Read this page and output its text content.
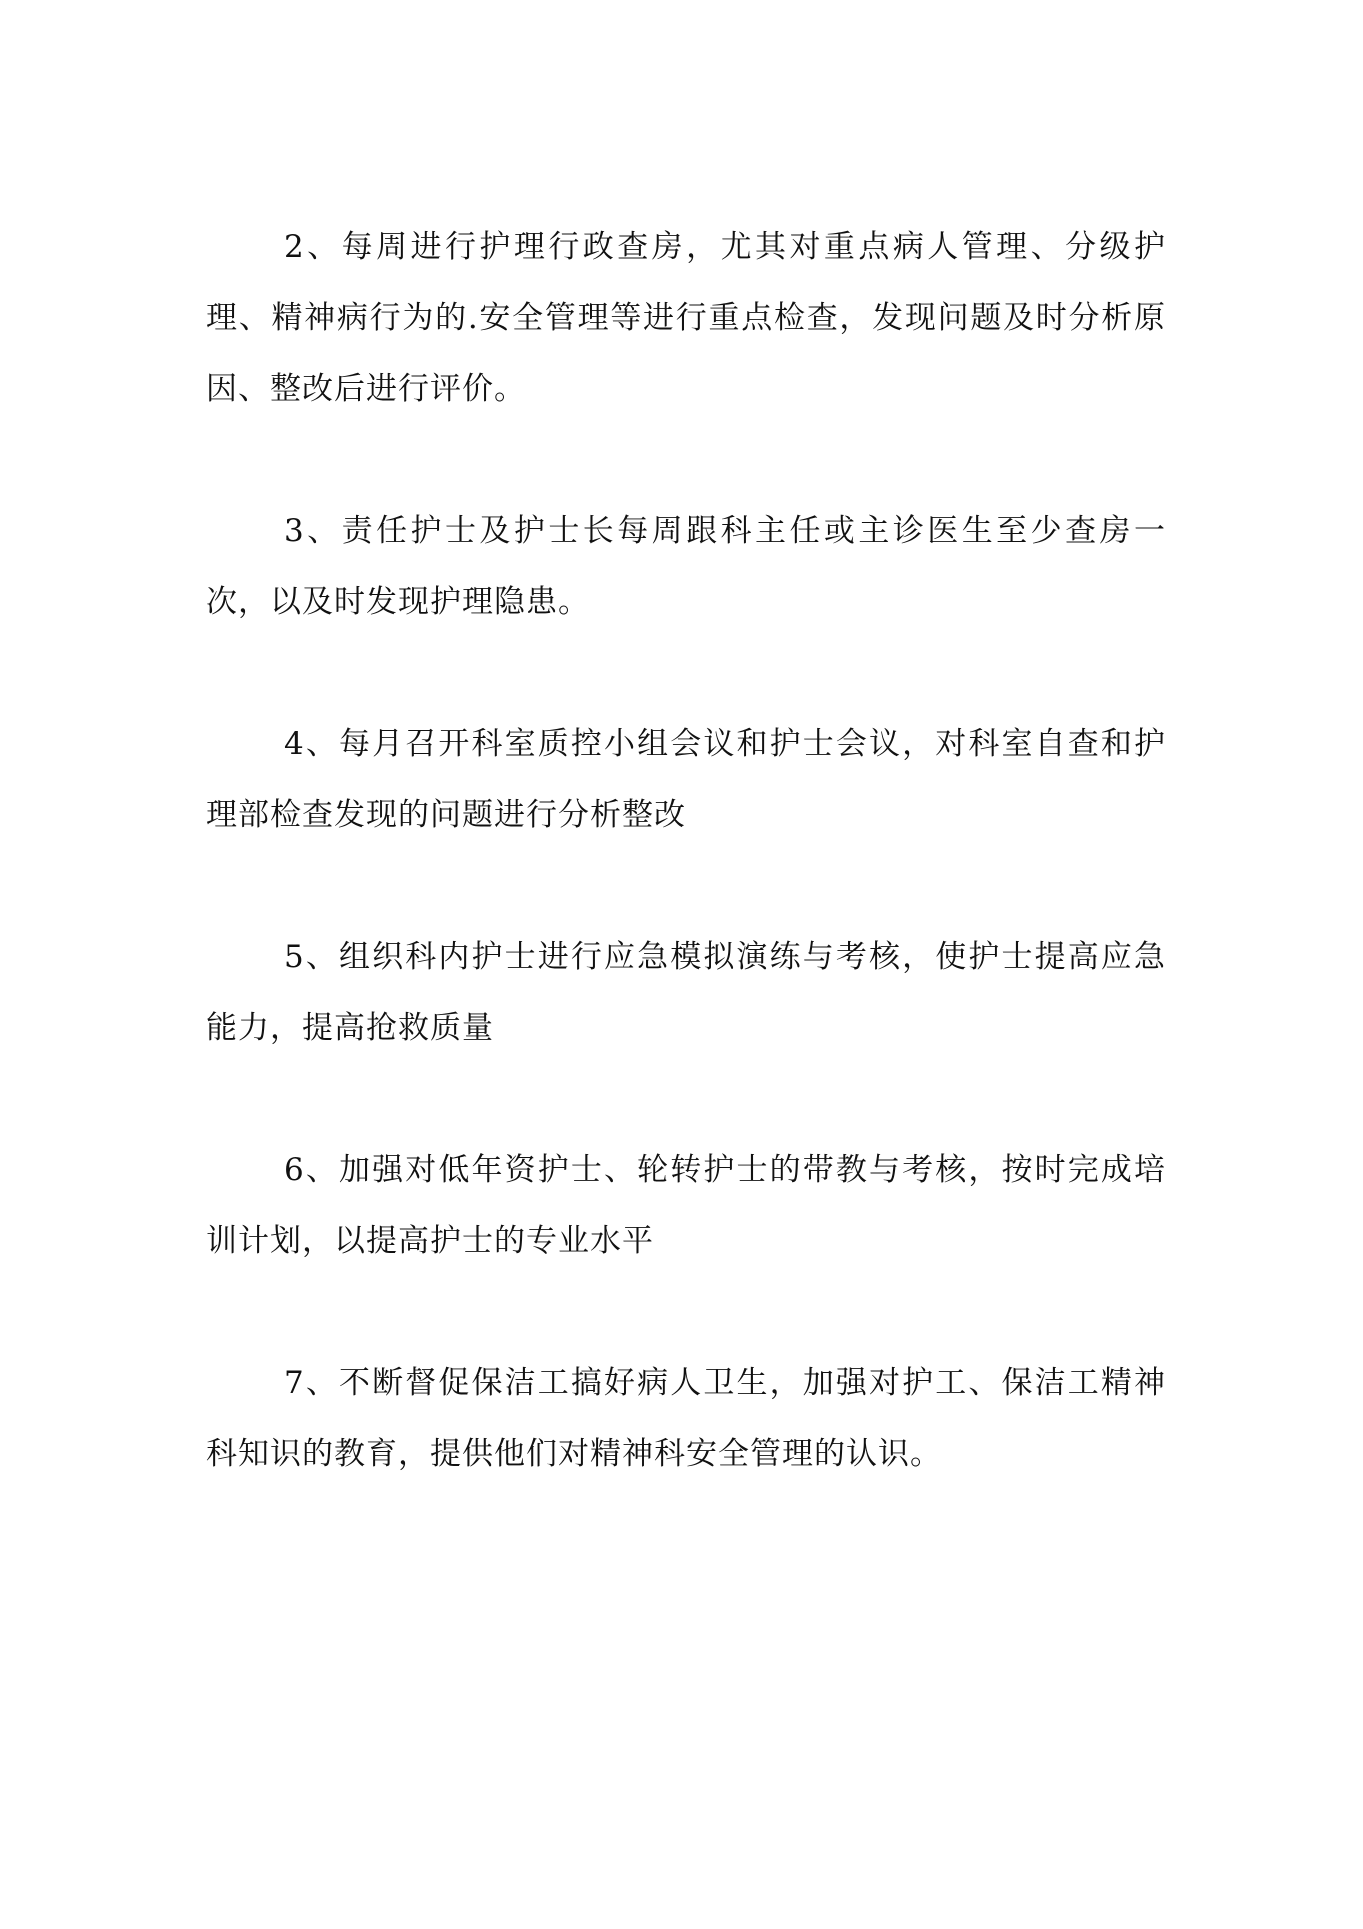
2、每周进行护理行政查房，尤其对重点病人管理、分级护理、精神病行为的.安全管理等进行重点检查，发现问题及时分析原因、整改后进行评价。

3、责任护士及护士长每周跟科主任或主诊医生至少查房一次，以及时发现护理隐患。

4、每月召开科室质控小组会议和护士会议，对科室自查和护理部检查发现的问题进行分析整改

5、组织科内护士进行应急模拟演练与考核，使护士提高应急能力，提高抢救质量

6、加强对低年资护士、轮转护士的带教与考核，按时完成培训计划，以提高护士的专业水平

7、不断督促保洁工搞好病人卫生，加强对护工、保洁工精神科知识的教育，提供他们对精神科安全管理的认识。
